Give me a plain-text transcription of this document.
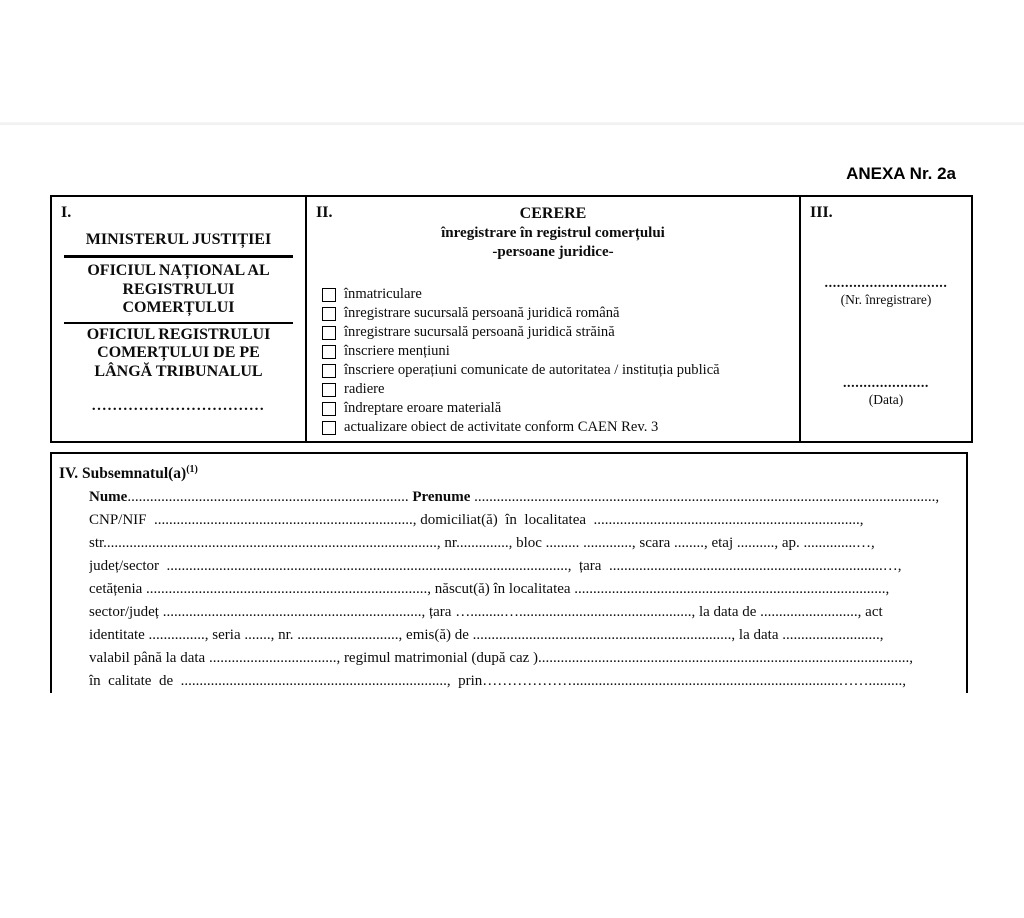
ANEXA Nr. 2a
I.
MINISTERUL JUSTIȚIEI
OFICIUL NAȚIONAL AL
REGISTRULUI
COMERȚULUI
OFICIUL REGISTRULUI
COMERȚULUI DE PE
LÂNGĂ TRIBUNALUL
.................................
II.	CERERE
înregistrare în registrul comerțului
-persoane juridice-
înmatriculare
înregistrare sucursală persoană juridică română
înregistrare sucursală persoană juridică străină
înscriere mențiuni
înscriere operațiuni comunicate de autoritatea / instituția publică
radiere
îndreptare eroare materială
actualizare obiect de activitate conform CAEN Rev. 3
III.
..............................
(Nr. înregistrare)
.....................
(Data)
IV. $Subsemnatul(a)^{(1)}$
Nume........................................................................... Prenume ...........................................................................................................................,
CNP/NIF  ....................................................................., domiciliat(ă)  în  localitatea  .......................................................................,
str........................................................................................., nr.............., bloc ......... ............., scara ........, etaj .........., ap. ..............…,
județ/sector  ...........................................................................................................,  țara  .........................................................................…,
cetățenia ..........................................................................., născut(ă) în localitatea ...................................................................................,
sector/județ ....................................................................., țara ….........….............................................., la data de .........................., act
identitate ..............., seria ......., nr. ..........................., emis(ă) de ....................................................................., la data ..........................,
valabil până la data .................................., regimul matrimonial (după caz )...................................................................................................,
în  calitate  de  .......................................................................,  prin……………….......................................................................…….........,
